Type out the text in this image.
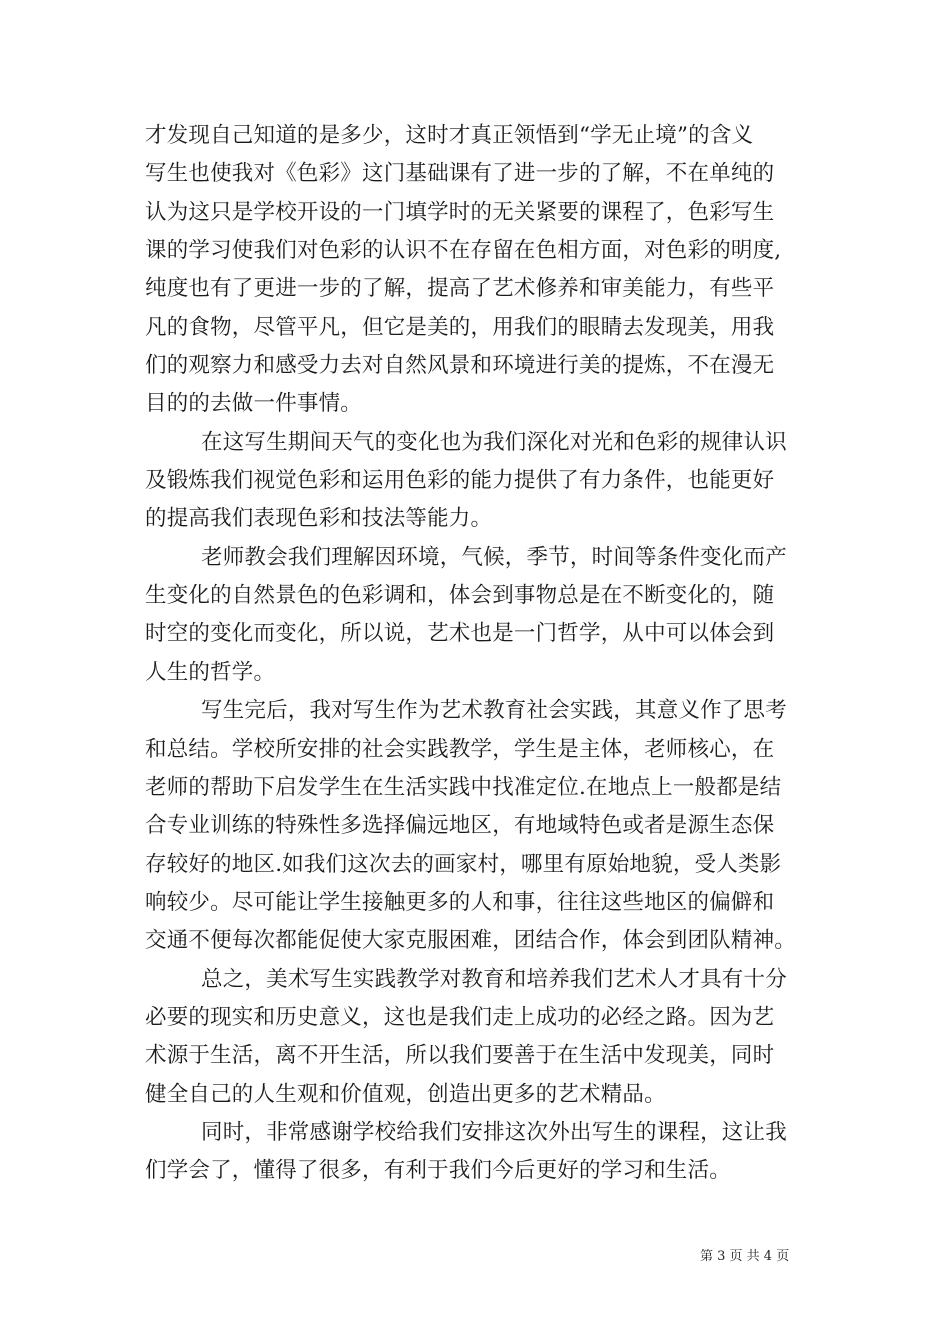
才发现自己知道的是多少，这时才真正领悟到“学无止境”的含义
写生也使我对《色彩》这门基础课有了进一步的了解，不在单纯的
认为这只是学校开设的一门填学时的无关紧要的课程了，色彩写生
课的学习使我们对色彩的认识不在存留在色相方面，对色彩的明度,
纯度也有了更进一步的了解，提高了艺术修养和审美能力，有些平
凡的食物，尽管平凡，但它是美的，用我们的眼睛去发现美，用我
们的观察力和感受力去对自然风景和环境进行美的提炼，不在漫无
目的的去做一件事情。
在这写生期间天气的变化也为我们深化对光和色彩的规律认识
及锻炼我们视觉色彩和运用色彩的能力提供了有力条件，也能更好
的提高我们表现色彩和技法等能力。
老师教会我们理解因环境，气候，季节，时间等条件变化而产
生变化的自然景色的色彩调和，体会到事物总是在不断变化的，随
时空的变化而变化，所以说，艺术也是一门哲学，从中可以体会到
人生的哲学。
写生完后，我对写生作为艺术教育社会实践，其意义作了思考
和总结。学校所安排的社会实践教学，学生是主体，老师核心，在
老师的帮助下启发学生在生活实践中找准定位.在地点上一般都是结
合专业训练的特殊性多选择偏远地区，有地域特色或者是源生态保
存较好的地区.如我们这次去的画家村，哪里有原始地貌，受人类影
响较少。尽可能让学生接触更多的人和事，往往这些地区的偏僻和
交通不便每次都能促使大家克服困难，团结合作，体会到团队精神。
总之，美术写生实践教学对教育和培养我们艺术人才具有十分
必要的现实和历史意义，这也是我们走上成功的必经之路。因为艺
术源于生活，离不开生活，所以我们要善于在生活中发现美，同时
健全自己的人生观和价值观，创造出更多的艺术精品。
同时，非常感谢学校给我们安排这次外出写生的课程，这让我
们学会了，懂得了很多，有利于我们今后更好的学习和生活。
第 3 页 共 4 页
